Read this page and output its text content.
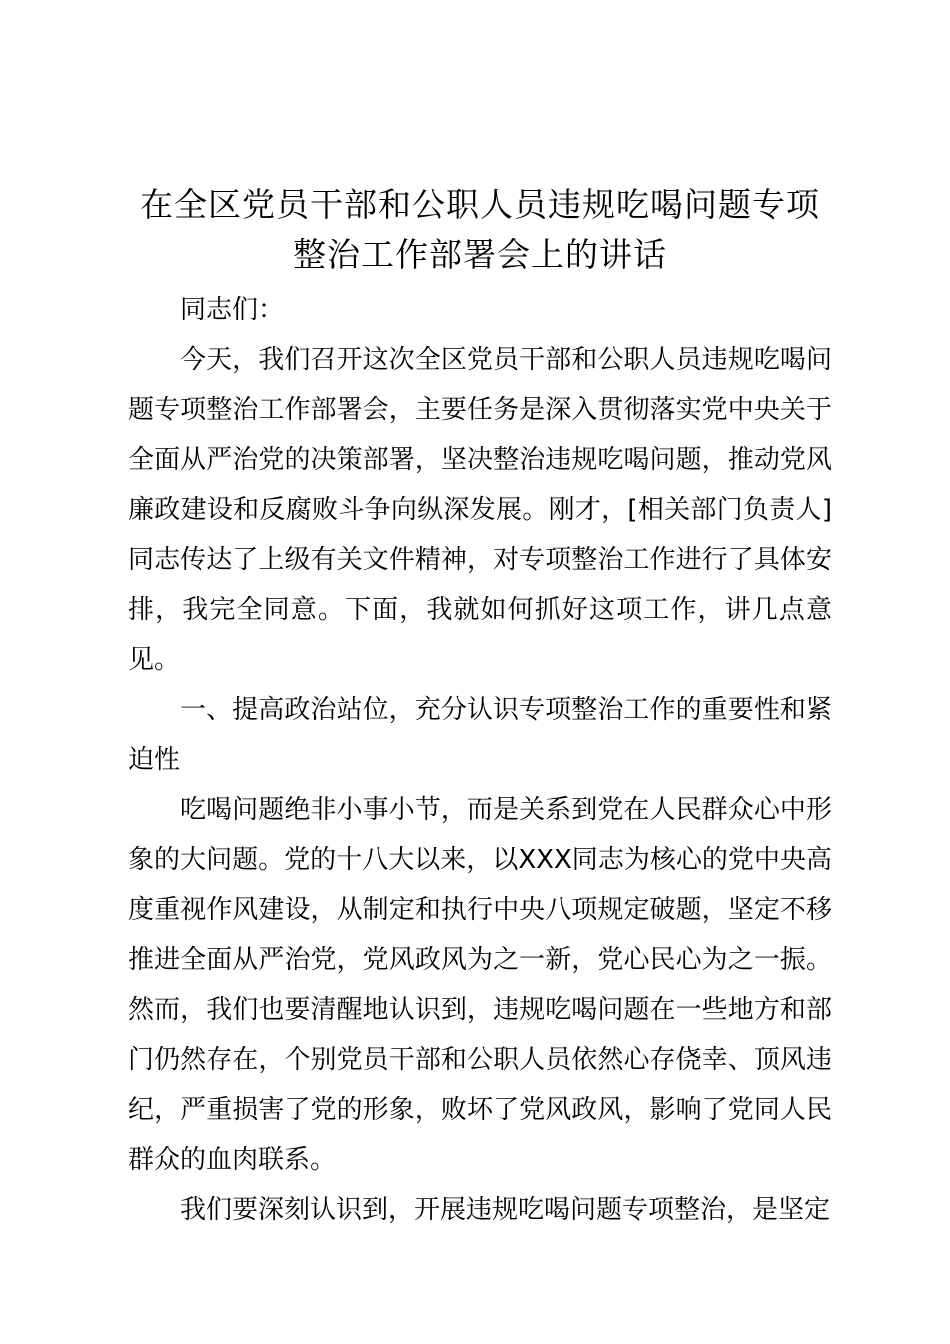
在全区党员干部和公职人员违规吃喝问题专项
整治工作部署会上的讲话

同志们：

今天，我们召开这次全区党员干部和公职人员违规吃喝问题专项整治工作部署会，主要任务是深入贯彻落实党中央关于全面从严治党的决策部署，坚决整治违规吃喝问题，推动党风廉政建设和反腐败斗争向纵深发展。刚才，[相关部门负责人]同志传达了上级有关文件精神，对专项整治工作进行了具体安排，我完全同意。下面，我就如何抓好这项工作，讲几点意见。

一、提高政治站位，充分认识专项整治工作的重要性和紧迫性

吃喝问题绝非小事小节，而是关系到党在人民群众心中形象的大问题。党的十八大以来，以XXX同志为核心的党中央高度重视作风建设，从制定和执行中央八项规定破题，坚定不移推进全面从严治党，党风政风为之一新，党心民心为之一振。然而，我们也要清醒地认识到，违规吃喝问题在一些地方和部门仍然存在，个别党员干部和公职人员依然心存侥幸、顶风违纪，严重损害了党的形象，败坏了党风政风，影响了党同人民群众的血肉联系。

我们要深刻认识到，开展违规吃喝问题专项整治，是坚定
